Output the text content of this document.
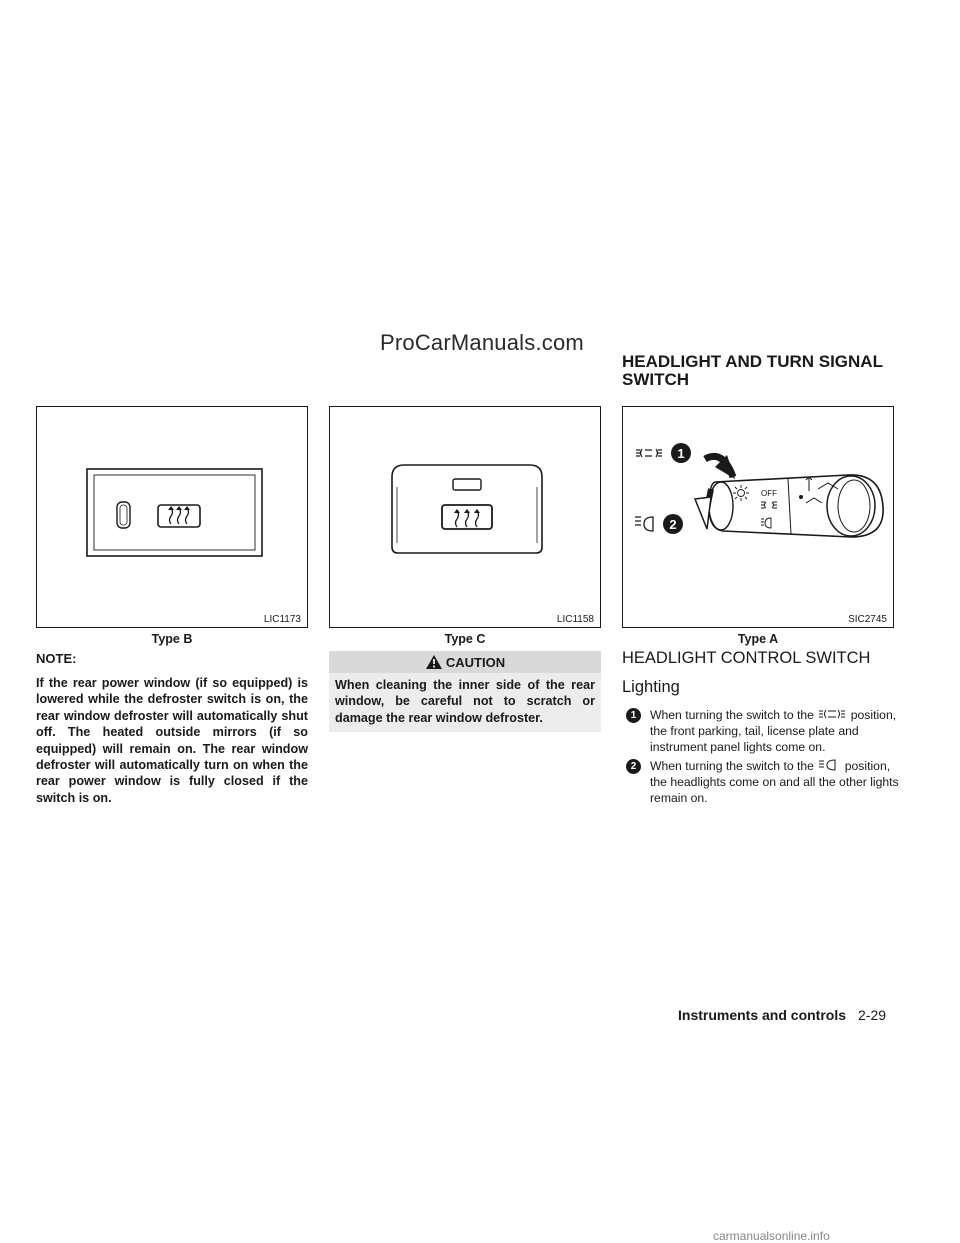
ProCarManuals.com
HEADLIGHT AND TURN SIGNAL SWITCH
LIC1173
Type B
LIC1158
Type C
OFF
1
2
SIC2745
Type A
NOTE:
If the rear power window (if so equipped) is lowered while the defroster switch is on, the rear window defroster will automatically shut off. The heated outside mirrors (if so equipped) will remain on. The rear window defroster will automatically turn on when the rear power window is fully closed if the switch is on.
CAUTION
When cleaning the inner side of the rear window, be careful not to scratch or damage the rear window defroster.
HEADLIGHT CONTROL SWITCH
Lighting
1	When turning the switch to the	position, the front parking, tail, license plate and instrument panel lights come on.
2	When turning the switch to the	position, the headlights come on and all the other lights remain on.
Instruments and controls 2-29
carmanualsonline.info
